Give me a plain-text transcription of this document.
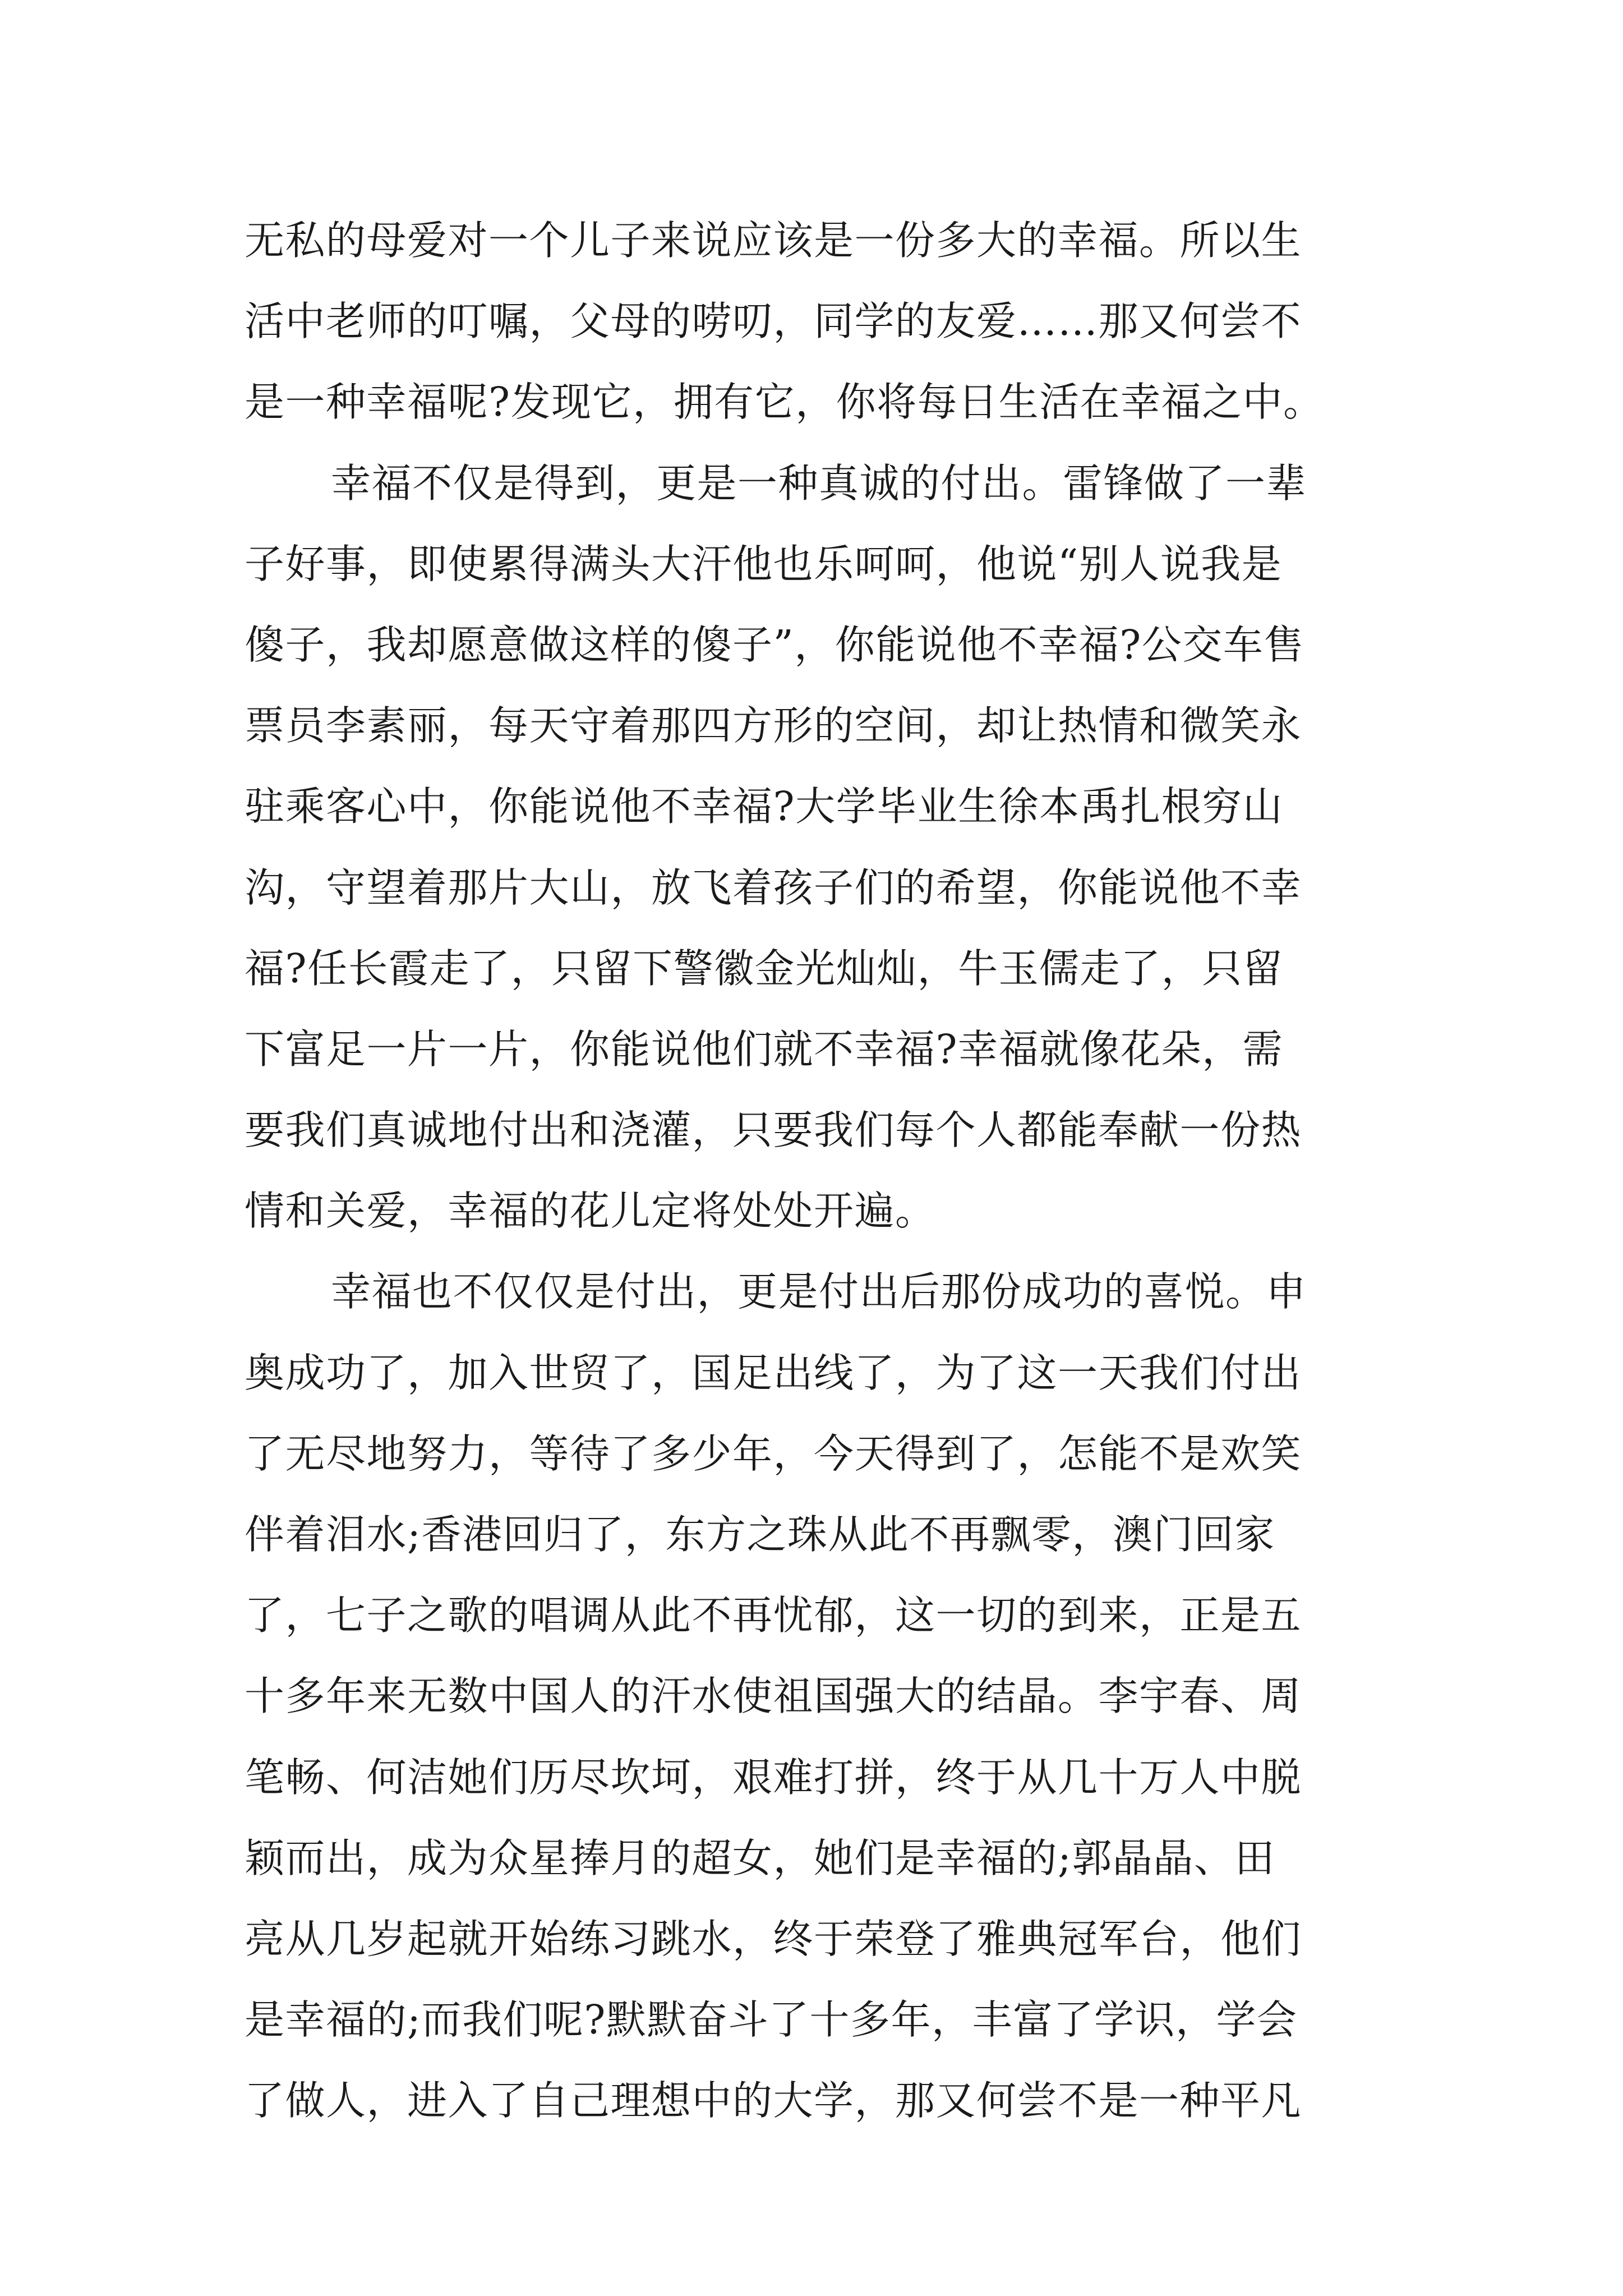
无私的母爱对一个儿子来说应该是一份多大的幸福。所以生
活中老师的叮嘱，父母的唠叨，同学的友爱……那又何尝不
是一种幸福呢?发现它，拥有它，你将每日生活在幸福之中。
幸福不仅是得到，更是一种真诚的付出。雷锋做了一辈
子好事，即使累得满头大汗他也乐呵呵，他说“别人说我是
傻子，我却愿意做这样的傻子”，你能说他不幸福?公交车售
票员李素丽，每天守着那四方形的空间，却让热情和微笑永
驻乘客心中，你能说他不幸福?大学毕业生徐本禹扎根穷山
沟，守望着那片大山，放飞着孩子们的希望，你能说他不幸
福?任长霞走了，只留下警徽金光灿灿，牛玉儒走了，只留
下富足一片一片，你能说他们就不幸福?幸福就像花朵，需
要我们真诚地付出和浇灌，只要我们每个人都能奉献一份热
情和关爱，幸福的花儿定将处处开遍。
幸福也不仅仅是付出，更是付出后那份成功的喜悦。申
奥成功了，加入世贸了，国足出线了，为了这一天我们付出
了无尽地努力，等待了多少年，今天得到了，怎能不是欢笑
伴着泪水;香港回归了，东方之珠从此不再飘零，澳门回家
了，七子之歌的唱调从此不再忧郁，这一切的到来，正是五
十多年来无数中国人的汗水使祖国强大的结晶。李宇春、周
笔畅、何洁她们历尽坎坷，艰难打拼，终于从几十万人中脱
颖而出，成为众星捧月的超女，她们是幸福的;郭晶晶、田
亮从几岁起就开始练习跳水，终于荣登了雅典冠军台，他们
是幸福的;而我们呢?默默奋斗了十多年，丰富了学识，学会
了做人，进入了自己理想中的大学，那又何尝不是一种平凡
